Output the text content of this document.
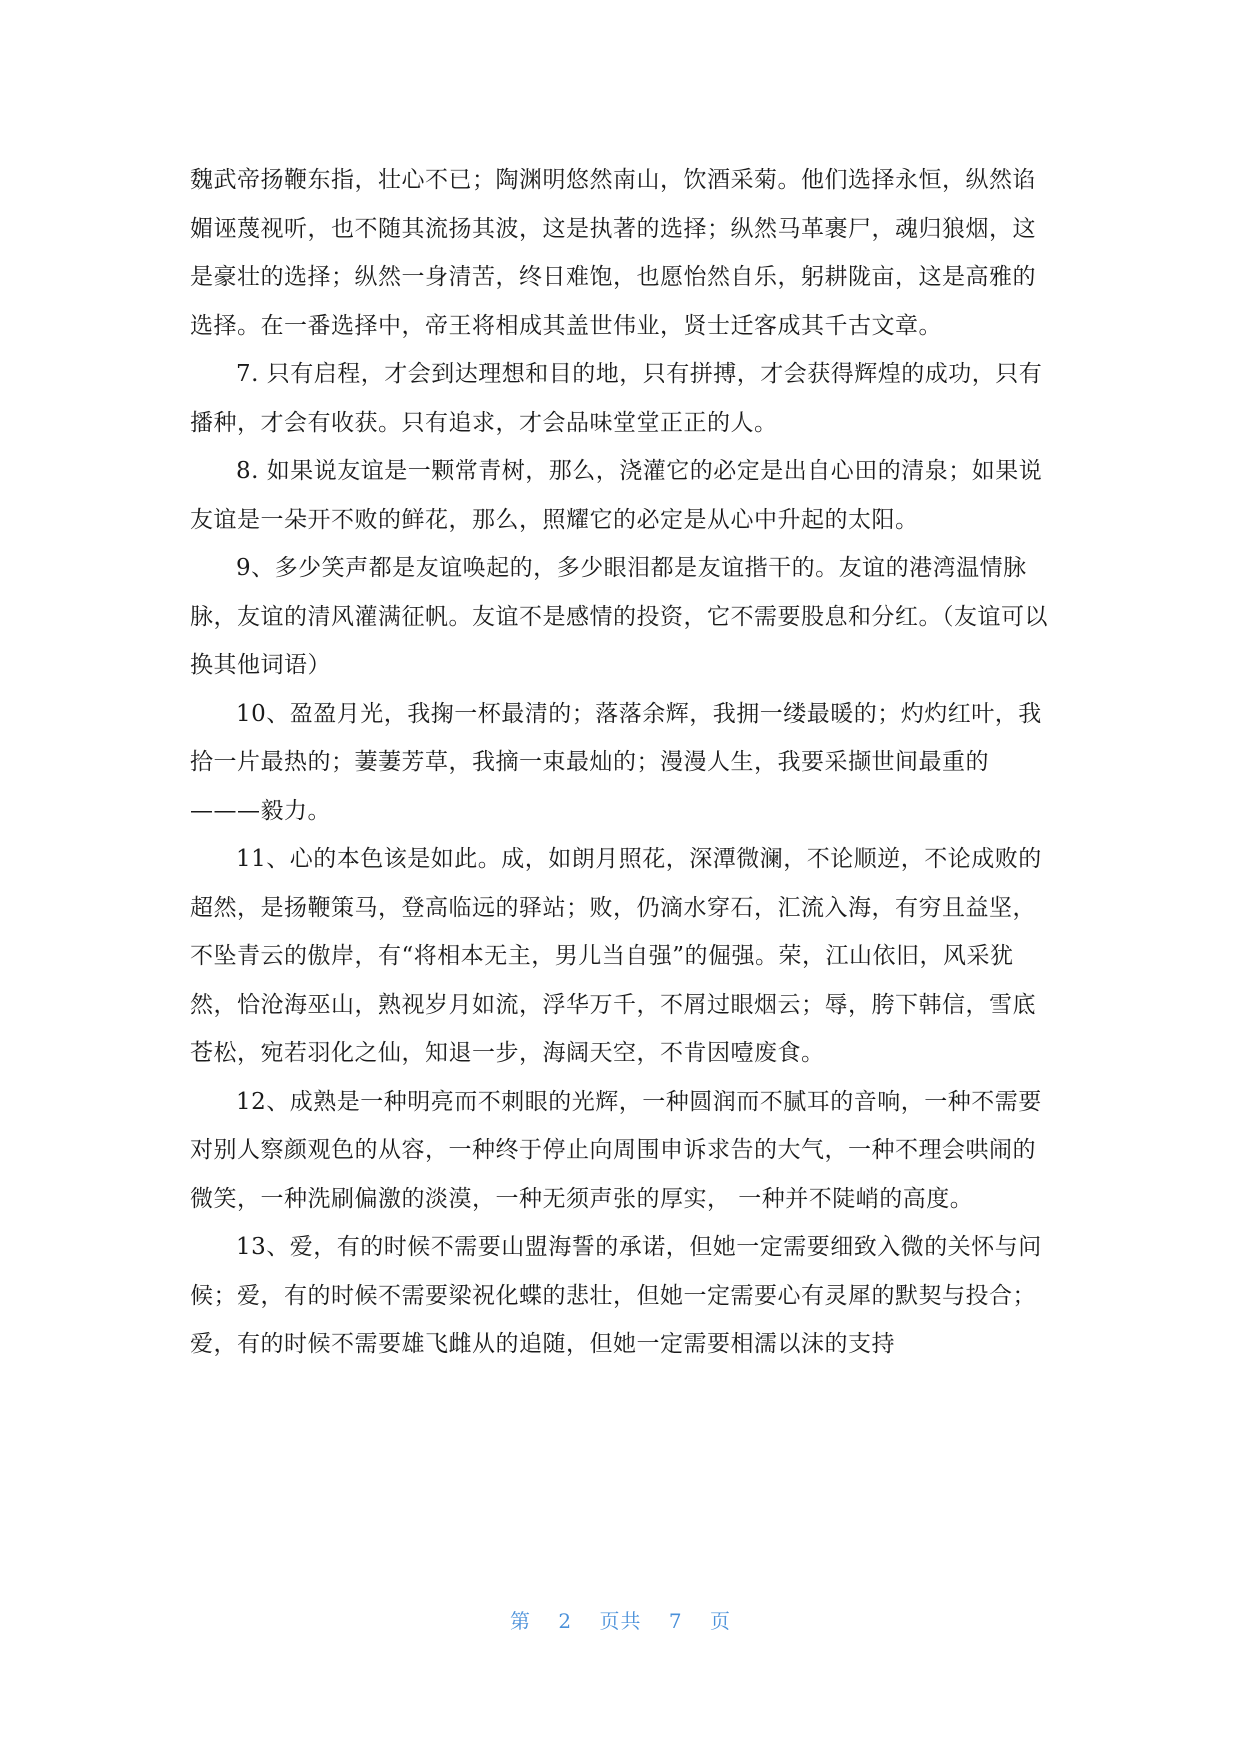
魏武帝扬鞭东指，壮心不已；陶渊明悠然南山，饮酒采菊。他们选择永恒，纵然谄媚诬蔑视听，也不随其流扬其波，这是执著的选择；纵然马革裹尸，魂归狼烟，这是豪壮的选择；纵然一身清苦，终日难饱，也愿怡然自乐，躬耕陇亩，这是高雅的选择。在一番选择中，帝王将相成其盖世伟业，贤士迁客成其千古文章。

7. 只有启程，才会到达理想和目的地，只有拼搏，才会获得辉煌的成功，只有播种，才会有收获。只有追求，才会品味堂堂正正的人。

8. 如果说友谊是一颗常青树，那么，浇灌它的必定是出自心田的清泉；如果说友谊是一朵开不败的鲜花，那么，照耀它的必定是从心中升起的太阳。

9、多少笑声都是友谊唤起的，多少眼泪都是友谊揩干的。友谊的港湾温情脉脉，友谊的清风灌满征帆。友谊不是感情的投资，它不需要股息和分红。（友谊可以换其他词语）

10、盈盈月光，我掬一杯最清的；落落余辉，我拥一缕最暖的；灼灼红叶，我拾一片最热的；萋萋芳草，我摘一束最灿的；漫漫人生，我要采撷世间最重的———毅力。

11、心的本色该是如此。成，如朗月照花，深潭微澜，不论顺逆，不论成败的超然，是扬鞭策马，登高临远的驿站；败，仍滴水穿石，汇流入海，有穷且益坚，不坠青云的傲岸，有“将相本无主，男儿当自强”的倔强。荣，江山依旧，风采犹然，恰沧海巫山，熟视岁月如流，浮华万千，不屑过眼烟云；辱，胯下韩信，雪底苍松，宛若羽化之仙，知退一步，海阔天空，不肯因噎废食。

12、成熟是一种明亮而不刺眼的光辉，一种圆润而不腻耳的音响，一种不需要对别人察颜观色的从容，一种终于停止向周围申诉求告的大气，一种不理会哄闹的微笑，一种洗刷偏激的淡漠，一种无须声张的厚实， 一种并不陡峭的高度。

13、爱，有的时候不需要山盟海誓的承诺，但她一定需要细致入微的关怀与问候；爱，有的时候不需要梁祝化蝶的悲壮，但她一定需要心有灵犀的默契与投合；爱，有的时候不需要雄飞雌从的追随，但她一定需要相濡以沫的支持

第 2 页共 7 页
